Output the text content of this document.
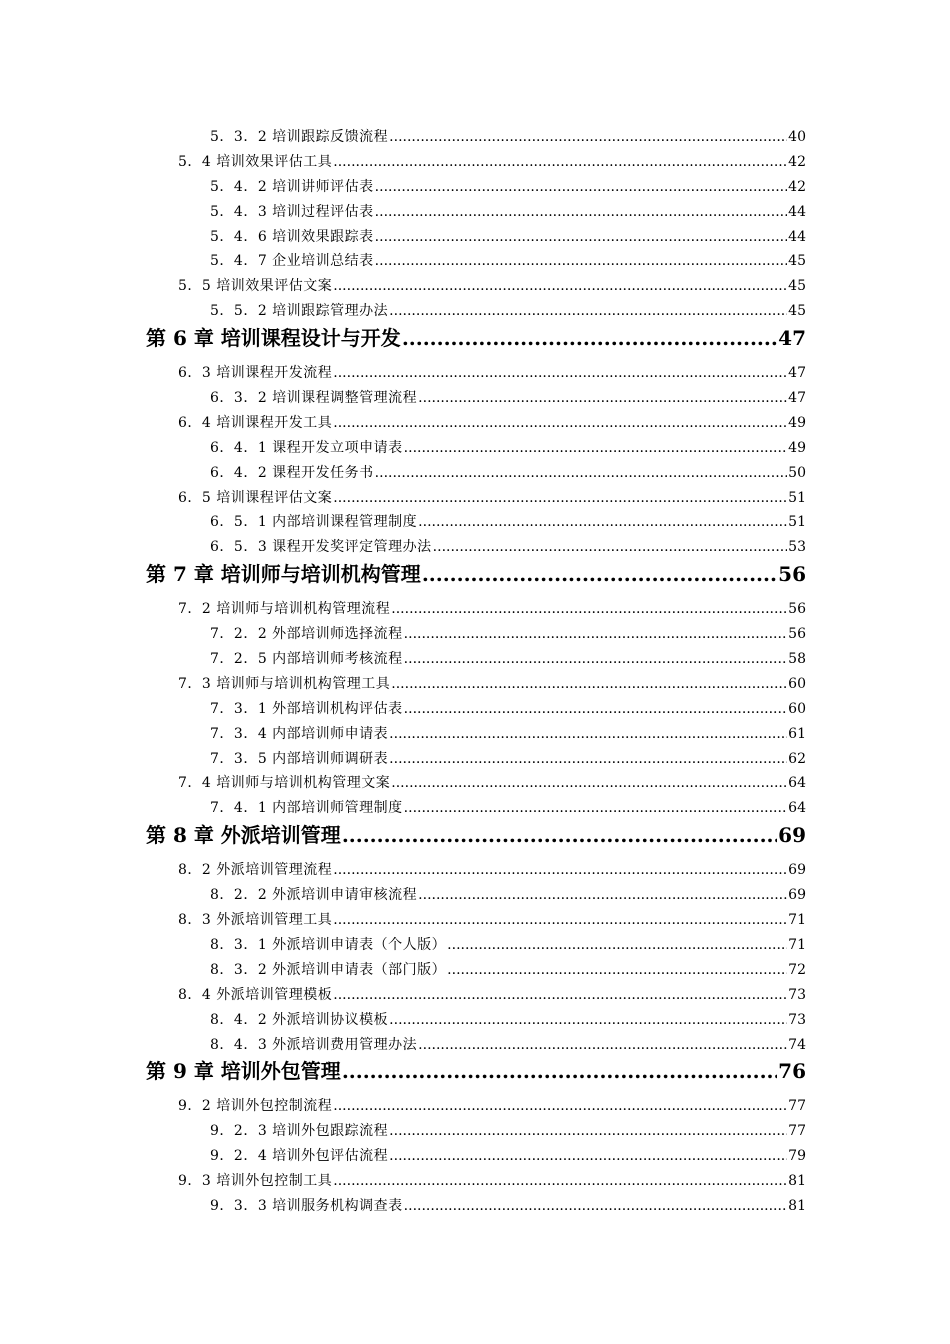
5．3．2 培训跟踪反馈流程 .....	40
5．4 培训效果评估工具 .....	42
5．4．2 培训讲师评估表 .....	42
5．4．3 培训过程评估表 .....	44
5．4．6 培训效果跟踪表 .....	44
5．4．7 企业培训总结表 .....	45
5．5 培训效果评估文案 .....	45
5．5．2 培训跟踪管理办法 .....	45
第 6 章 培训课程设计与开发 .....	47
6．3 培训课程开发流程 .....	47
6．3．2 培训课程调整管理流程 .....	47
6．4 培训课程开发工具 .....	49
6．4．1 课程开发立项申请表 .....	49
6．4．2 课程开发任务书 .....	50
6．5 培训课程评估文案 .....	51
6．5．1 内部培训课程管理制度 .....	51
6．5．3 课程开发奖评定管理办法 .....	53
第 7 章 培训师与培训机构管理 .....	56
7．2 培训师与培训机构管理流程 .....	56
7．2．2 外部培训师选择流程 .....	56
7．2．5 内部培训师考核流程 .....	58
7．3 培训师与培训机构管理工具 .....	60
7．3．1 外部培训机构评估表 .....	60
7．3．4 内部培训师申请表 .....	61
7．3．5 内部培训师调研表 .....	62
7．4 培训师与培训机构管理文案 .....	64
7．4．1 内部培训师管理制度 .....	64
第 8 章 外派培训管理 .....	69
8．2 外派培训管理流程 .....	69
8．2．2 外派培训申请审核流程 .....	69
8．3 外派培训管理工具 .....	71
8．3．1 外派培训申请表（个人版） .....	71
8．3．2 外派培训申请表（部门版） .....	72
8．4 外派培训管理模板 .....	73
8．4．2 外派培训协议模板 .....	73
8．4．3 外派培训费用管理办法 .....	74
第 9 章 培训外包管理 .....	76
9．2 培训外包控制流程 .....	77
9．2．3 培训外包跟踪流程 .....	77
9．2．4 培训外包评估流程 .....	79
9．3 培训外包控制工具 .....	81
9．3．3 培训服务机构调查表 .....	81
